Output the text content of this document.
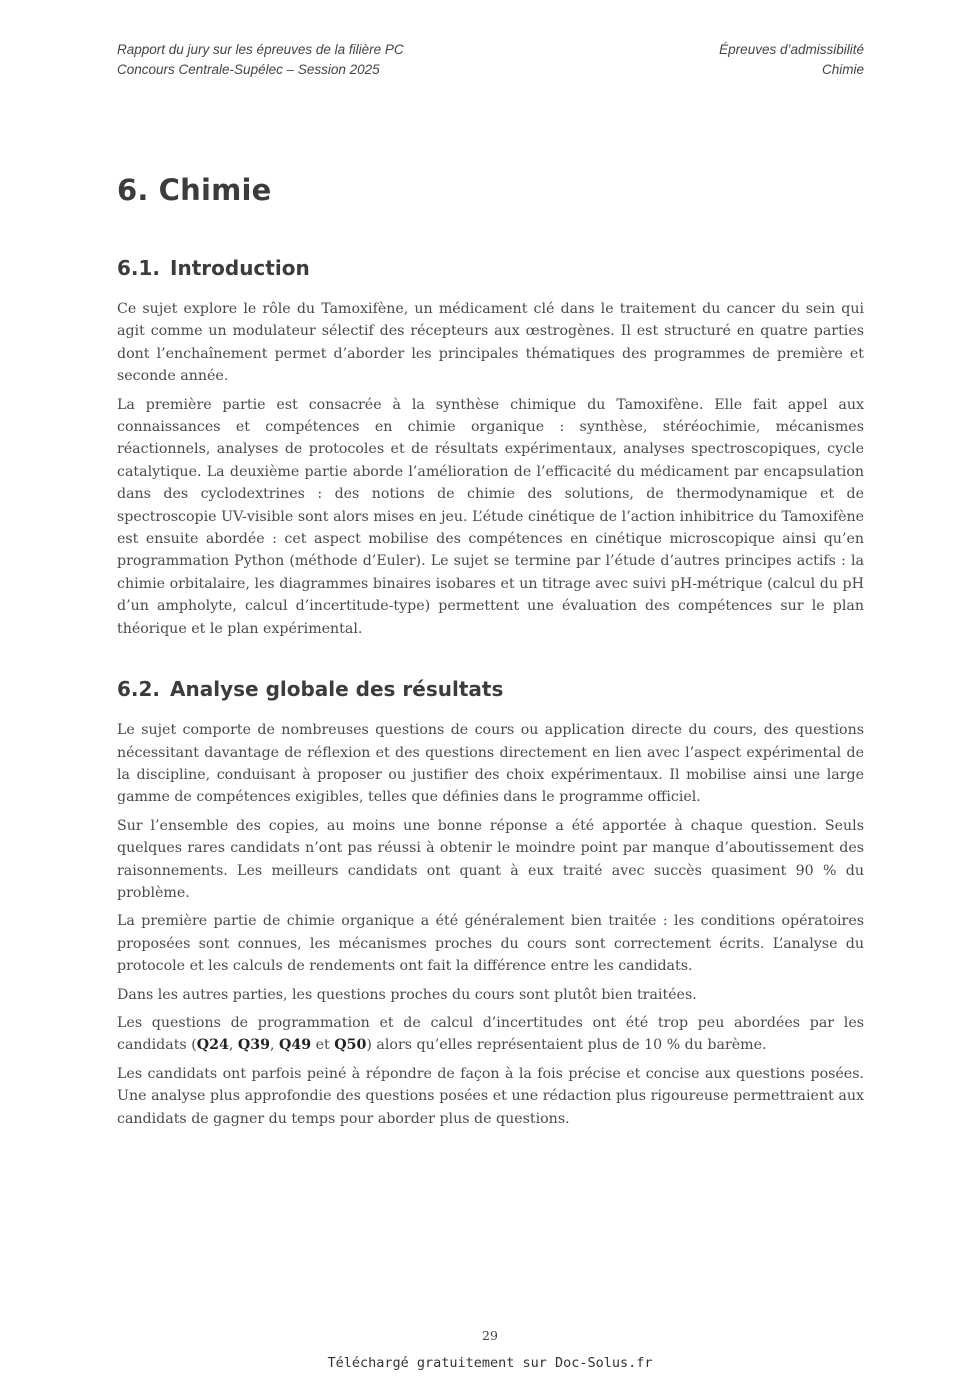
Rapport du jury sur les épreuves de la filière PC
Concours Centrale-Supélec – Session 2025
Épreuves d’admissibilité
Chimie
6. Chimie
6.1. Introduction

Ce sujet explore le rôle du Tamoxifène, un médicament clé dans le traitement du cancer du sein qui agit comme un modulateur sélectif des récepteurs aux œstrogènes. Il est structuré en quatre parties dont l’enchaînement permet d’aborder les principales thématiques des programmes de première et seconde année.

La première partie est consacrée à la synthèse chimique du Tamoxifène. Elle fait appel aux connaissances et compétences en chimie organique : synthèse, stéréochimie, mécanismes réactionnels, analyses de protocoles et de résultats expérimentaux, analyses spectroscopiques, cycle catalytique. La deuxième partie aborde l’amélioration de l’efficacité du médicament par encapsulation dans des cyclodextrines : des notions de chimie des solutions, de thermodynamique et de spectroscopie UV-visible sont alors mises en jeu. L’étude cinétique de l’action inhibitrice du Tamoxifène est ensuite abordée : cet aspect mobilise des compétences en cinétique microscopique ainsi qu’en programmation Python (méthode d’Euler). Le sujet se termine par l’étude d’autres principes actifs : la chimie orbitalaire, les diagrammes binaires isobares et un titrage avec suivi pH-métrique (calcul du pH d’un ampholyte, calcul d’incertitude-type) permettent une évaluation des compétences sur le plan théorique et le plan expérimental.

6.2. Analyse globale des résultats

Le sujet comporte de nombreuses questions de cours ou application directe du cours, des questions nécessitant davantage de réflexion et des questions directement en lien avec l’aspect expérimental de la discipline, conduisant à proposer ou justifier des choix expérimentaux. Il mobilise ainsi une large gamme de compétences exigibles, telles que définies dans le programme officiel.

Sur l’ensemble des copies, au moins une bonne réponse a été apportée à chaque question. Seuls quelques rares candidats n’ont pas réussi à obtenir le moindre point par manque d’aboutissement des raisonnements. Les meilleurs candidats ont quant à eux traité avec succès quasiment 90 % du problème.

La première partie de chimie organique a été généralement bien traitée : les conditions opératoires proposées sont connues, les mécanismes proches du cours sont correctement écrits. L’analyse du protocole et les calculs de rendements ont fait la différence entre les candidats.

Dans les autres parties, les questions proches du cours sont plutôt bien traitées.

Les questions de programmation et de calcul d’incertitudes ont été trop peu abordées par les candidats (Q24, Q39, Q49 et Q50) alors qu’elles représentaient plus de 10 % du barème.

Les candidats ont parfois peiné à répondre de façon à la fois précise et concise aux questions posées. Une analyse plus approfondie des questions posées et une rédaction plus rigoureuse permettraient aux candidats de gagner du temps pour aborder plus de questions.

29
Téléchargé gratuitement sur Doc-Solus.fr
